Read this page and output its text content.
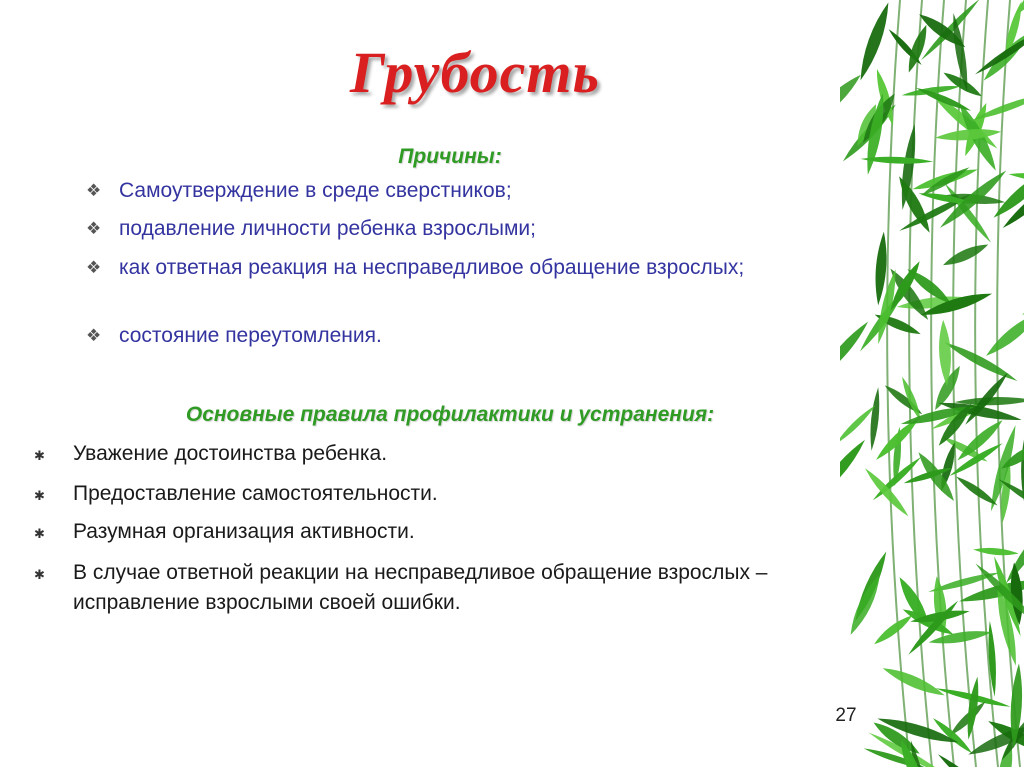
Грубость
Причины:
❖ Самоутверждение в среде сверстников;
❖ подавление личности ребенка взрослыми;
❖ как ответная реакция на несправедливое обращение взрослых;
❖ состояние переутомления.
Основные правила профилактики и устранения:
✱ Уважение достоинства ребенка.
✱ Предоставление самостоятельности.
✱ Разумная организация активности.
✱ В случае ответной реакции на несправедливое обращение взрослых – исправление взрослыми своей ошибки.
27
